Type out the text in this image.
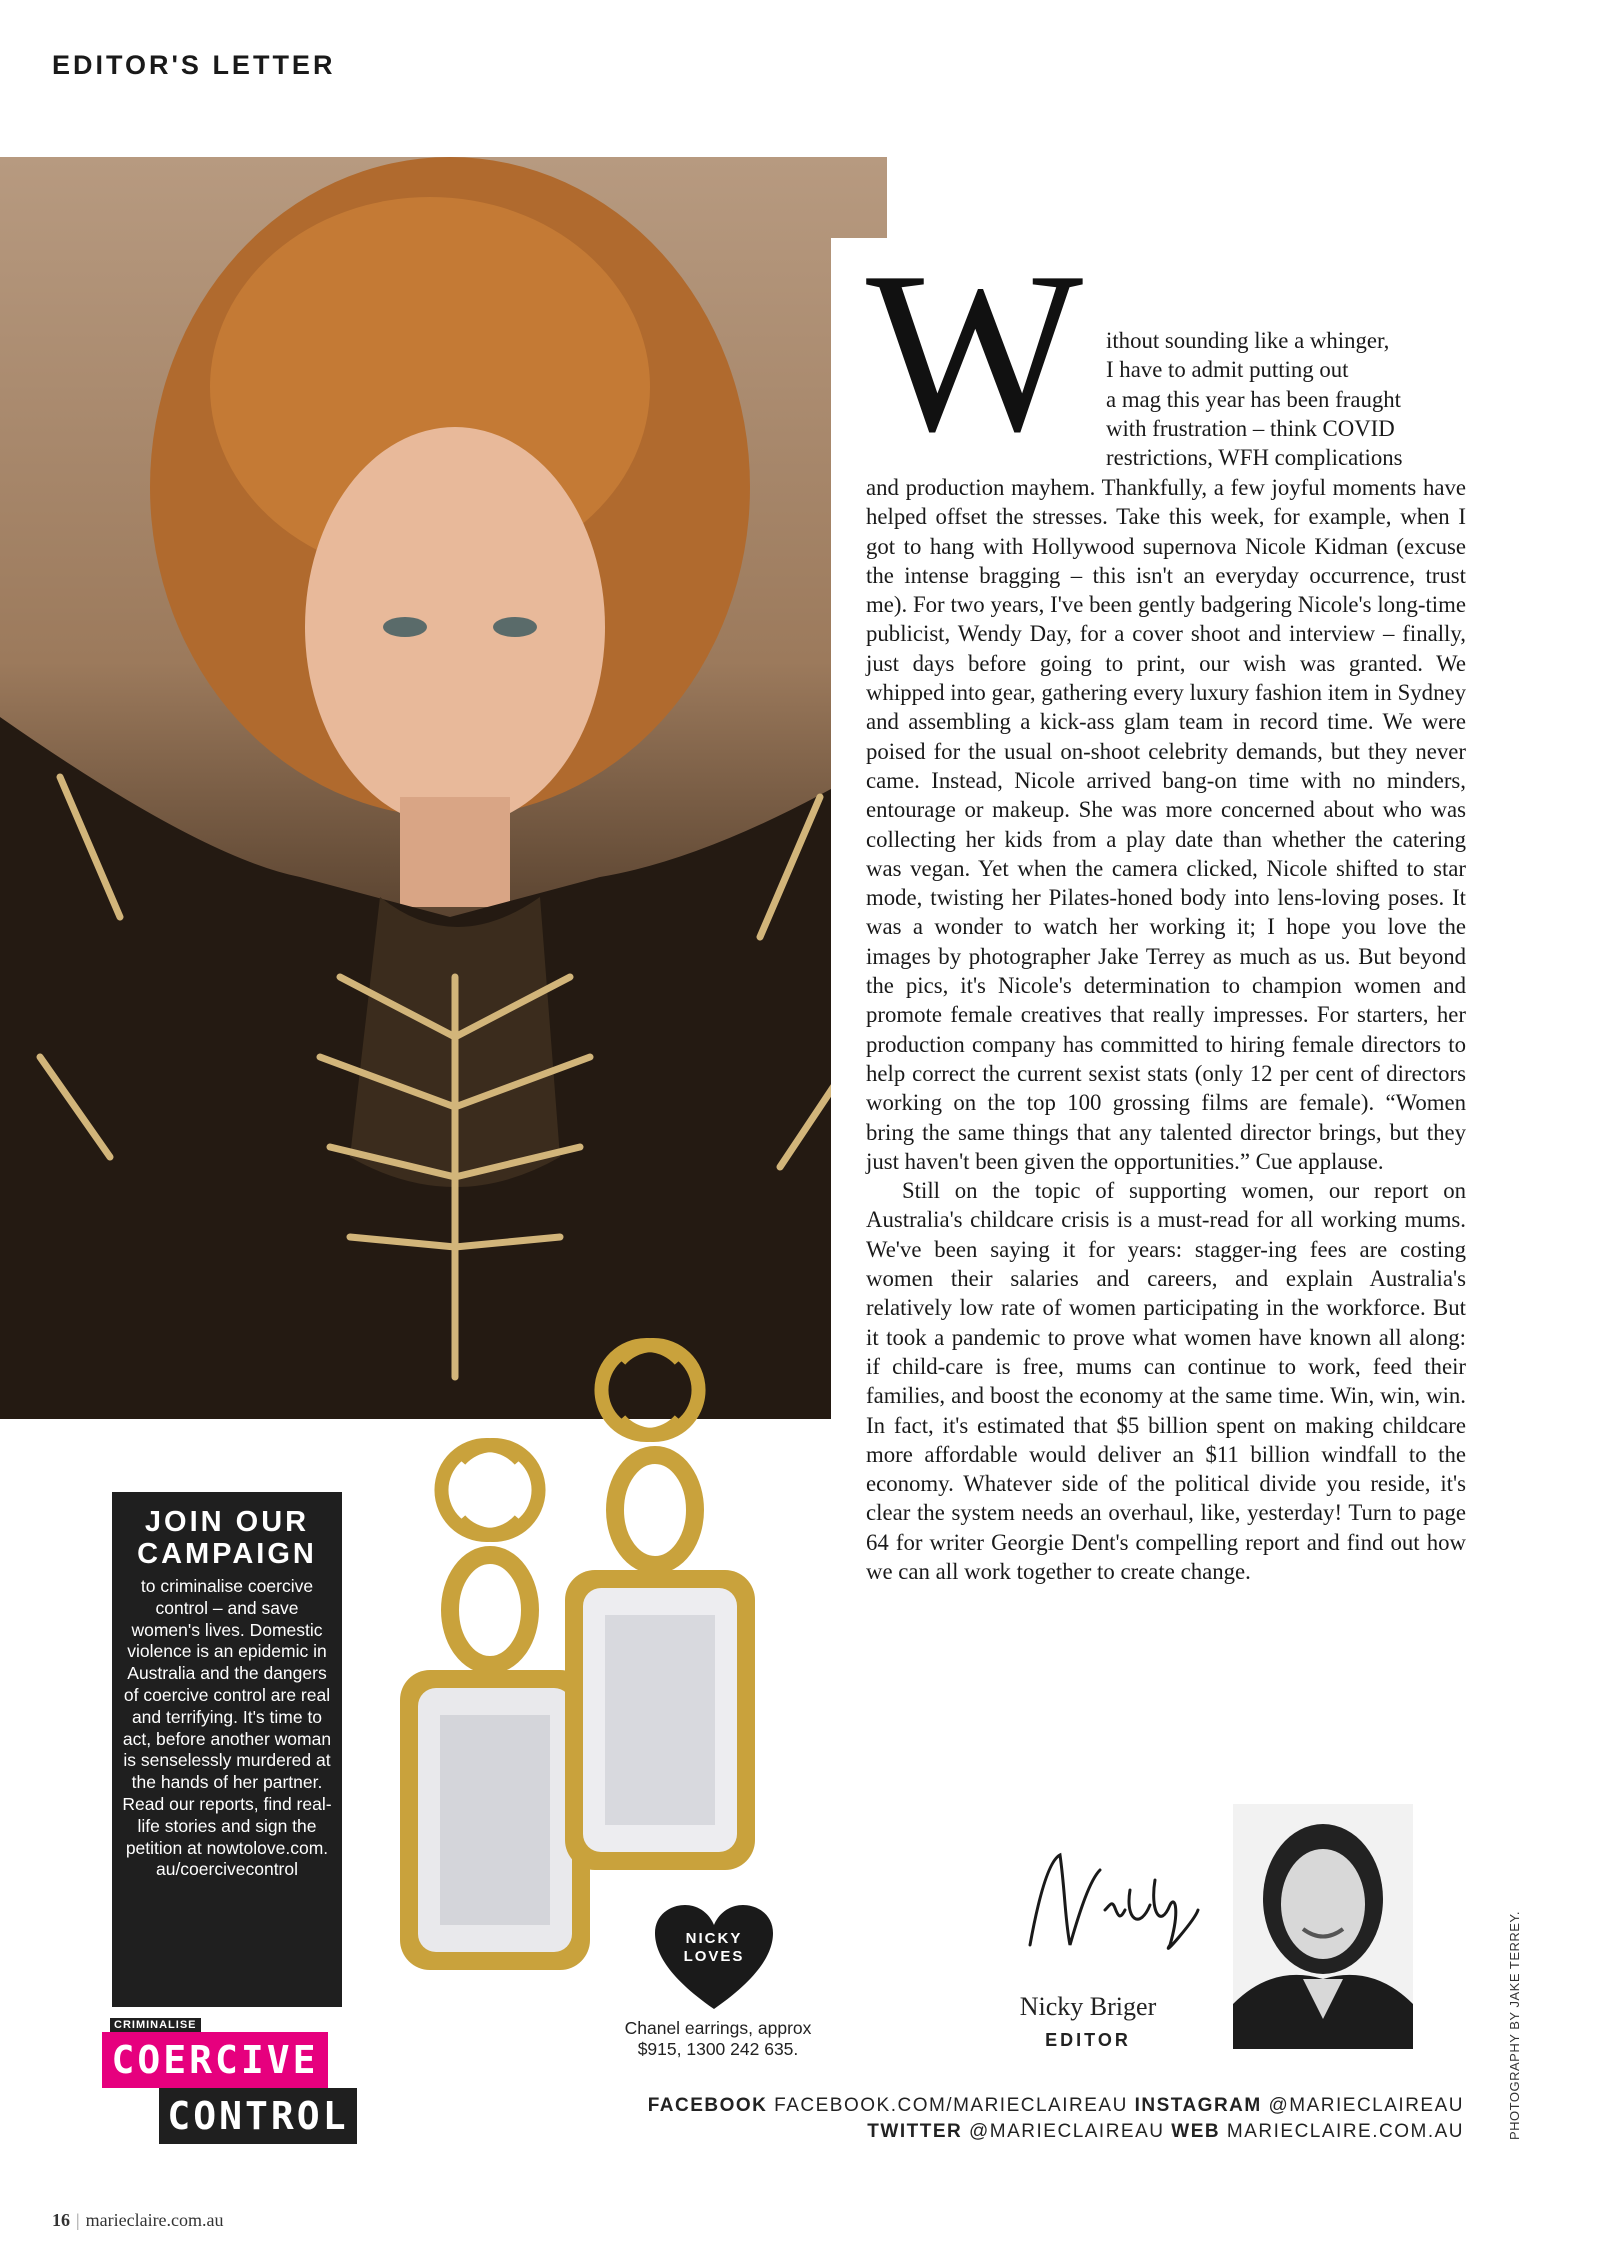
EDITOR'S LETTER
W ithout sounding like a whinger,
I have to admit putting out
a mag this year has been fraught
with frustration – think COVID
restrictions, WFH complications

and production mayhem. Thankfully, a few joyful moments have helped offset the stresses. Take this week, for example, when I got to hang with Hollywood supernova Nicole Kidman (excuse the intense bragging – this isn't an everyday occurrence, trust me). For two years, I've been gently badgering Nicole's long-time publicist, Wendy Day, for a cover shoot and interview – finally, just days before going to print, our wish was granted. We whipped into gear, gathering every luxury fashion item in Sydney and assembling a kick-ass glam team in record time. We were poised for the usual on-shoot celebrity demands, but they never came. Instead, Nicole arrived bang-on time with no minders, entourage or makeup. She was more concerned about who was collecting her kids from a play date than whether the catering was vegan. Yet when the camera clicked, Nicole shifted to star mode, twisting her Pilates-honed body into lens-loving poses. It was a wonder to watch her working it; I hope you love the images by photographer Jake Terrey as much as us. But beyond the pics, it's Nicole's determination to champion women and promote female creatives that really impresses. For starters, her production company has committed to hiring female directors to help correct the current sexist stats (only 12 per cent of directors working on the top 100 grossing films are female). “Women bring the same things that any talented director brings, but they just haven't been given the opportunities.” Cue applause.

Still on the topic of supporting women, our report on Australia's childcare crisis is a must-read for all working mums. We've been saying it for years: stagger-ing fees are costing women their salaries and careers, and explain Australia's relatively low rate of women participating in the workforce. But it took a pandemic to prove what women have known all along: if child-care is free, mums can continue to work, feed their families, and boost the economy at the same time. Win, win, win. In fact, it's estimated that $5 billion spent on making childcare more affordable would deliver an $11 billion windfall to the economy. Whatever side of the political divide you reside, it's clear the system needs an overhaul, like, yesterday! Turn to page 64 for writer Georgie Dent's compelling report and find out how we can all work together to create change.

JOIN OUR
CAMPAIGN

to criminalise coercive control – and save women's lives. Domestic violence is an epidemic in Australia and the dangers of coercive control are real and terrifying. It's time to act, before another woman is senselessly murdered at the hands of her partner. Read our reports, find real-life stories and sign the petition at nowtolove.com. au/coercivecontrol

CRIMINALISE
COERCIVE
CONTROL
NICKY
LOVES
Chanel earrings, approx
$915, 1300 242 635.
Nicky Briger
EDITOR	PHOTOGRAPHY BY JAKE TERREY.
FACEBOOK FACEBOOK.COM/MARIECLAIREAU INSTAGRAM @MARIECLAIREAU
TWITTER @MARIECLAIREAU WEB MARIECLAIRE.COM.AU
16 | marieclaire.com.au
